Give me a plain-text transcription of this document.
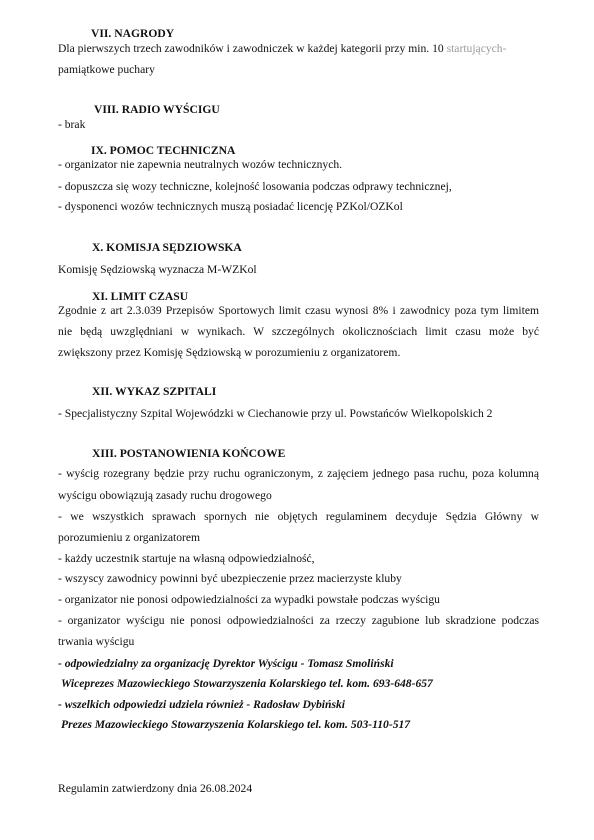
VII. NAGRODY
Dla pierwszych trzech zawodników i zawodniczek w każdej kategorii przy min. 10 startujących-
pamiątkowe puchary
VIII. RADIO WYŚCIGU
- brak
IX. POMOC TECHNICZNA
- organizator nie zapewnia neutralnych wozów technicznych.
- dopuszcza się wozy techniczne, kolejność losowania podczas odprawy technicznej,
- dysponenci wozów technicznych muszą posiadać licencję PZKol/OZKol
X. KOMISJA SĘDZIOWSKA
Komisję Sędziowską wyznacza M-WZKol
XI. LIMIT CZASU
Zgodnie z art 2.3.039 Przepisów Sportowych limit czasu wynosi 8% i zawodnicy poza tym limitem
nie będą uwzględniani w wynikach. W szczególnych okolicznościach limit czasu może być
zwiększony przez Komisję Sędziowską w porozumieniu z organizatorem.
XII. WYKAZ SZPITALI
- Specjalistyczny Szpital Wojewódzki w Ciechanowie przy ul. Powstańców Wielkopolskich 2
XIII. POSTANOWIENIA KOŃCOWE
- wyścig rozegrany będzie przy ruchu ograniczonym, z zajęciem jednego pasa ruchu, poza kolumną
wyścigu obowiązują zasady ruchu drogowego
- we wszystkich sprawach spornych nie objętych regulaminem decyduje Sędzia Główny w
porozumieniu z organizatorem
- każdy uczestnik startuje na własną odpowiedzialność,
- wszyscy zawodnicy powinni być ubezpieczenie przez macierzyste kluby
- organizator nie ponosi odpowiedzialności za wypadki powstałe podczas wyścigu
- organizator wyścigu nie ponosi odpowiedzialności za rzeczy zagubione lub skradzione podczas
trwania wyścigu
- odpowiedzialny za organizację Dyrektor Wyścigu - Tomasz Smoliński
Wiceprezes Mazowieckiego Stowarzyszenia Kolarskiego tel. kom. 693-648-657
- wszelkich odpowiedzi udziela również - Radosław Dybiński
Prezes Mazowieckiego Stowarzyszenia Kolarskiego tel. kom. 503-110-517
Regulamin zatwierdzony dnia 26.08.2024
